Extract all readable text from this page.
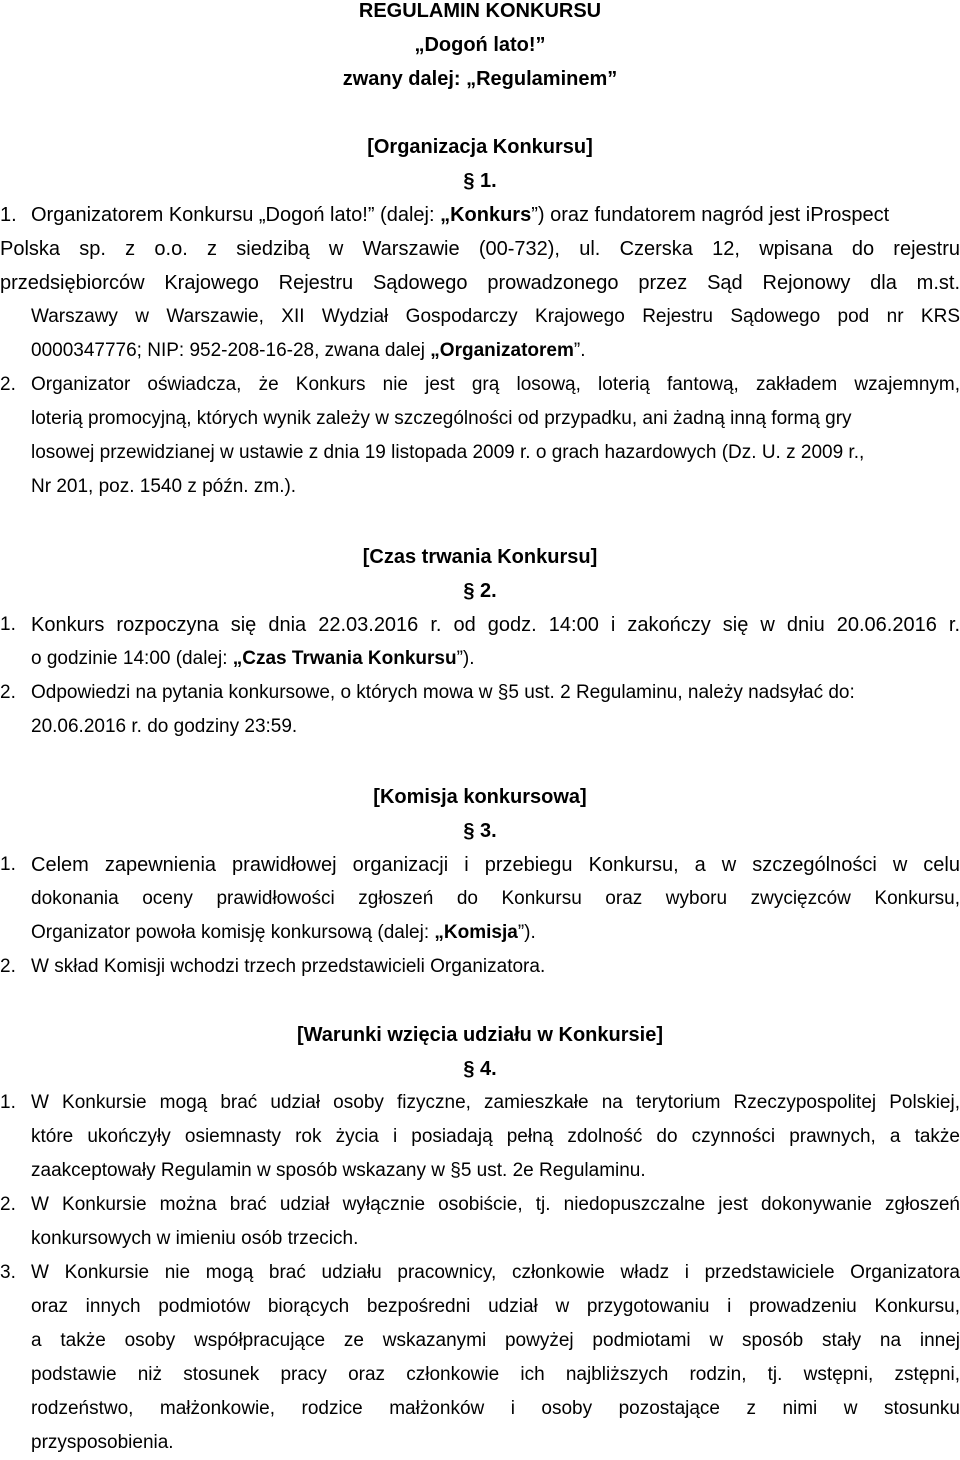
REGULAMIN KONKURSU
„Dogoń lato!”
zwany dalej: „Regulaminem”
[Organizacja Konkursu]
§ 1.
1. Organizatorem Konkursu „Dogoń lato!” (dalej: „Konkurs”) oraz fundatorem nagród jest iProspect
Polska sp. z o.o. z siedzibą w Warszawie (00-732), ul. Czerska 12, wpisana do rejestru
przedsiębiorców Krajowego Rejestru Sądowego prowadzonego przez Sąd Rejonowy dla m.st.
Warszawy w Warszawie, XII Wydział Gospodarczy Krajowego Rejestru Sądowego pod nr KRS
0000347776; NIP: 952-208-16-28, zwana dalej „Organizatorem”.
2. Organizator oświadcza, że Konkurs nie jest grą losową, loterią fantową, zakładem wzajemnym,
loterią promocyjną, których wynik zależy w szczególności od przypadku, ani żadną inną formą gry
losowej przewidzianej w ustawie z dnia 19 listopada 2009 r. o grach hazardowych (Dz. U. z 2009 r.,
Nr 201, poz. 1540 z późn. zm.).
[Czas trwania Konkursu]
§ 2.
1. Konkurs rozpoczyna się dnia 22.03.2016 r. od godz. 14:00 i zakończy się w dniu 20.06.2016 r.
o godzinie 14:00 (dalej: „Czas Trwania Konkursu”).
2. Odpowiedzi na pytania konkursowe, o których mowa w §5 ust. 2 Regulaminu, należy nadsyłać do:
20.06.2016 r. do godziny 23:59.
[Komisja konkursowa]
§ 3.
1. Celem zapewnienia prawidłowej organizacji i przebiegu Konkursu, a w szczególności w celu
dokonania oceny prawidłowości zgłoszeń do Konkursu oraz wyboru zwycięzców Konkursu,
Organizator powoła komisję konkursową (dalej: „Komisja”).
2. W skład Komisji wchodzi trzech przedstawicieli Organizatora.
[Warunki wzięcia udziału w Konkursie]
§ 4.
1. W Konkursie mogą brać udział osoby fizyczne, zamieszkałe na terytorium Rzeczypospolitej Polskiej,
które ukończyły osiemnasty rok życia i posiadają pełną zdolność do czynności prawnych, a także
zaakceptowały Regulamin w sposób wskazany w §5 ust. 2e Regulaminu.
2. W Konkursie można brać udział wyłącznie osobiście, tj. niedopuszczalne jest dokonywanie zgłoszeń
konkursowych w imieniu osób trzecich.
3. W Konkursie nie mogą brać udziału pracownicy, członkowie władz i przedstawiciele Organizatora
oraz innych podmiotów biorących bezpośredni udział w przygotowaniu i prowadzeniu Konkursu,
a także osoby współpracujące ze wskazanymi powyżej podmiotami w sposób stały na innej
podstawie niż stosunek pracy oraz członkowie ich najbliższych rodzin, tj. wstępni, zstępni,
rodzeństwo, małżonkowie, rodzice małżonków i osoby pozostające z nimi w stosunku
przysposobienia.
